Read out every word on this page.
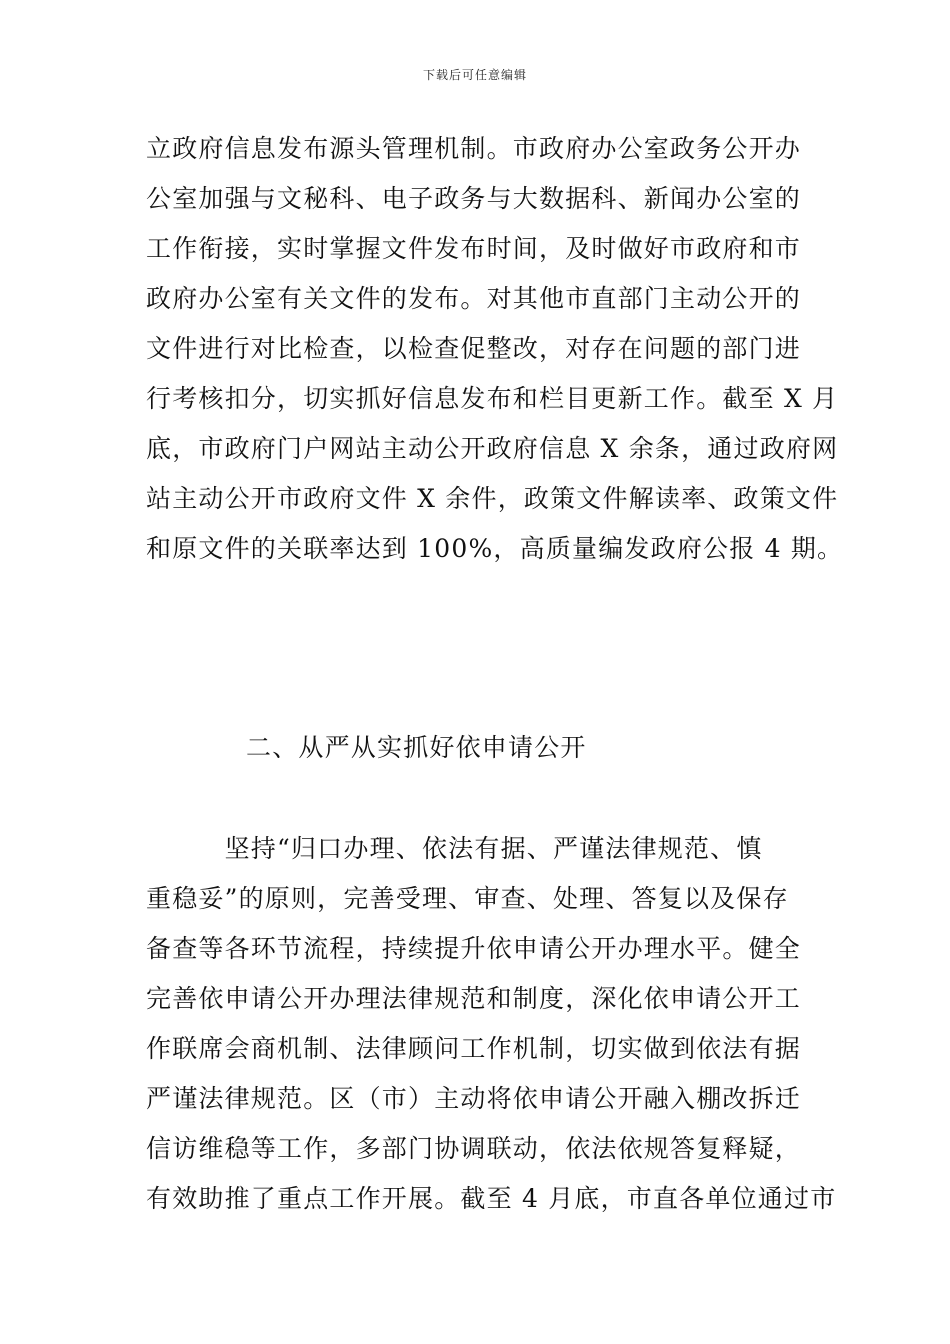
下载后可任意编辑
立政府信息发布源头管理机制。市政府办公室政务公开办
公室加强与文秘科、电子政务与大数据科、新闻办公室的
工作衔接，实时掌握文件发布时间，及时做好市政府和市
政府办公室有关文件的发布。对其他市直部门主动公开的
文件进行对比检查，以检查促整改，对存在问题的部门进
行考核扣分，切实抓好信息发布和栏目更新工作。截至 X 月
底，市政府门户网站主动公开政府信息 X 余条，通过政府网
站主动公开市政府文件 X 余件，政策文件解读率、政策文件
和原文件的关联率达到 100%，高质量编发政府公报 4 期。
二、从严从实抓好依申请公开
　　　坚持“归口办理、依法有据、严谨法律规范、慎
重稳妥”的原则，完善受理、审查、处理、答复以及保存
备查等各环节流程，持续提升依申请公开办理水平。健全
完善依申请公开办理法律规范和制度，深化依申请公开工
作联席会商机制、法律顾问工作机制，切实做到依法有据
严谨法律规范。区（市）主动将依申请公开融入棚改拆迁
信访维稳等工作，多部门协调联动，依法依规答复释疑，
有效助推了重点工作开展。截至 4 月底，市直各单位通过市
